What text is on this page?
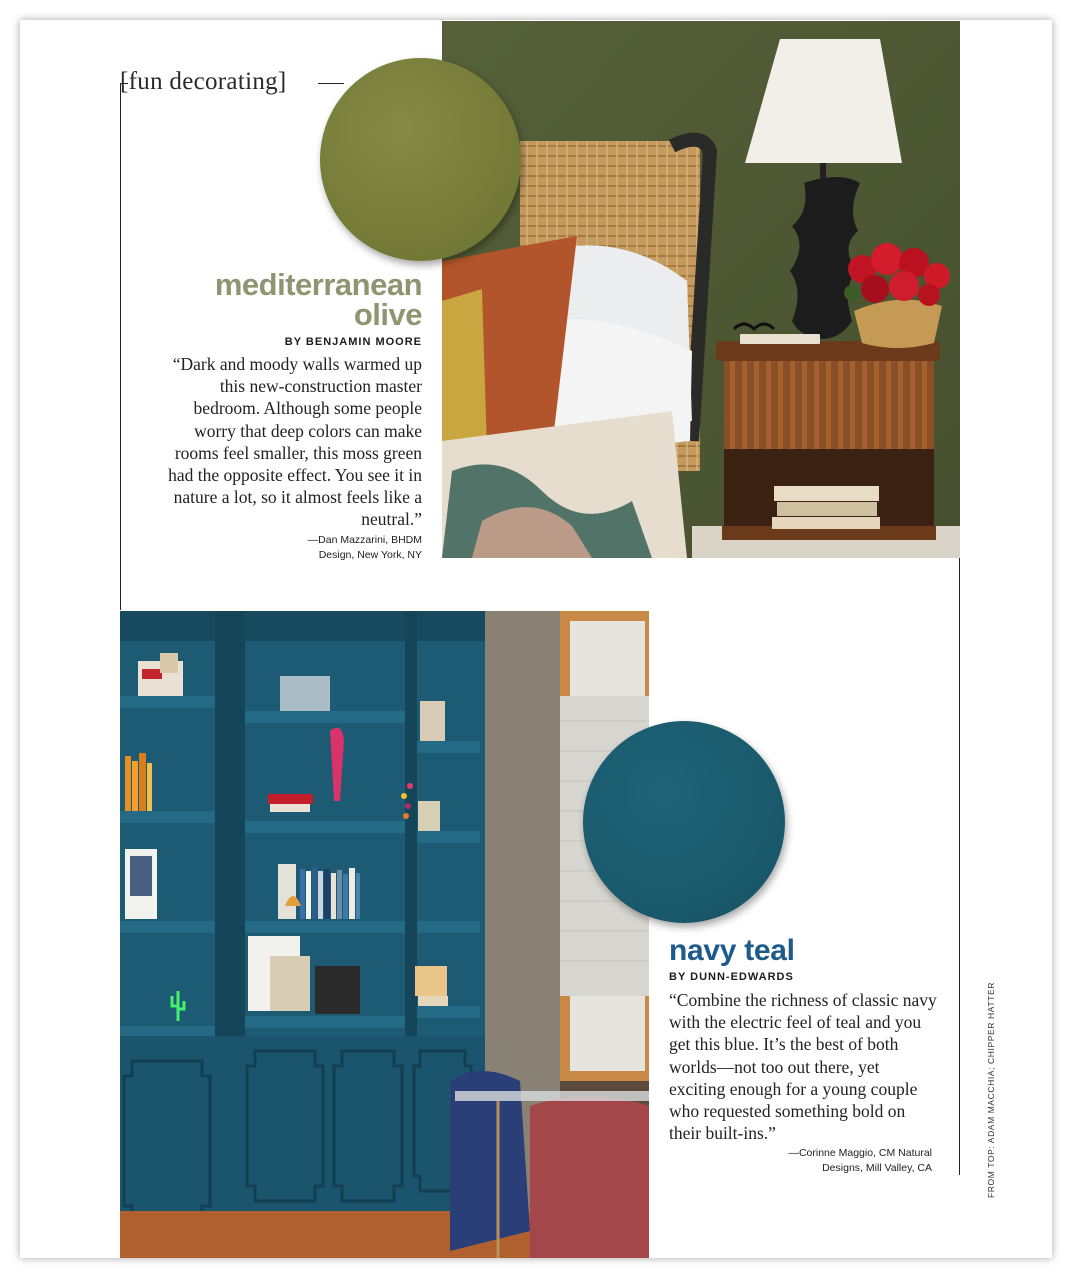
[fun decorating]
mediterranean
olive
BY BENJAMIN MOORE
“Dark and moody walls warmed up this new-construction master bedroom. Although some people worry that deep colors can make rooms feel smaller, this moss green had the opposite effect. You see it in nature a lot, so it almost feels like a neutral.”
—Dan Mazzarini, BHDM
Design, New York, NY
navy teal
BY DUNN-EDWARDS
“Combine the richness of classic navy with the electric feel of teal and you get this blue. It’s the best of both worlds—not too out there, yet exciting enough for a young couple who requested something bold on their built-ins.”
—Corinne Maggio, CM Natural
Designs, Mill Valley, CA	FROM TOP: ADAM MACCHIA; CHIPPER HATTER
